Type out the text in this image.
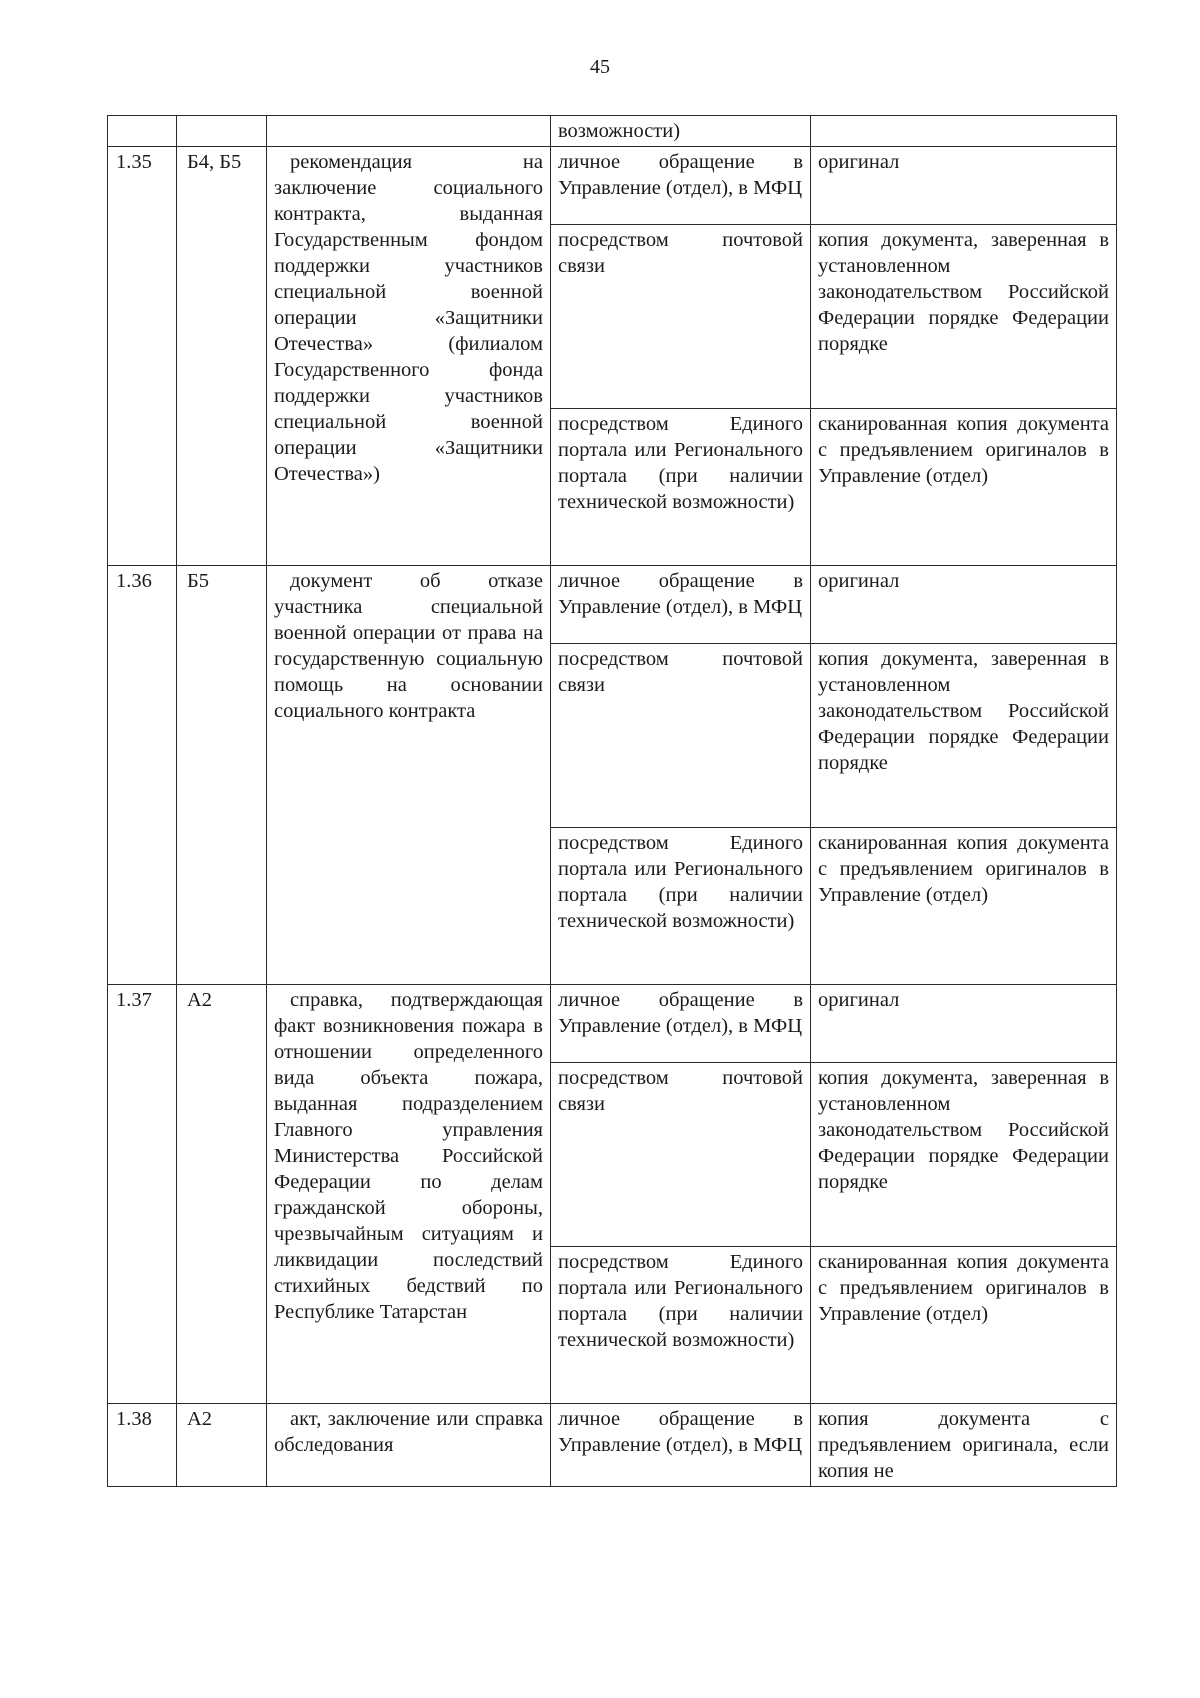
45
			возможности)	
1.35	Б4, Б5	рекомендация на заключение социального контракта, выданная Государственным фондом поддержки участников специальной военной операции «Защитники Отечества» (филиалом Государственного фонда поддержки участников специальной военной операции «Защитники Отечества»)	личное обращение в Управление (отдел), в МФЦ	оригинал
			посредством почтовой связи	копия документа, заверенная в установленном законодательством Российской Федерации порядке Федерации порядке
			посредством Единого портала или Регионального портала (при наличии технической возможности)	сканированная копия документа с предъявлением оригиналов в Управление (отдел)
1.36	Б5	документ об отказе участника специальной военной операции от права на государственную социальную помощь на основании социального контракта	личное обращение в Управление (отдел), в МФЦ	оригинал
			посредством почтовой связи	копия документа, заверенная в установленном законодательством Российской Федерации порядке Федерации порядке
			посредством Единого портала или Регионального портала (при наличии технической возможности)	сканированная копия документа с предъявлением оригиналов в Управление (отдел)
1.37	А2	справка, подтверждающая факт возникновения пожара в отношении определенного вида объекта пожара, выданная подразделением Главного управления Министерства Российской Федерации по делам гражданской обороны, чрезвычайным ситуациям и ликвидации последствий стихийных бедствий по Республике Татарстан	личное обращение в Управление (отдел), в МФЦ	оригинал
			посредством почтовой связи	копия документа, заверенная в установленном законодательством Российской Федерации порядке Федерации порядке
			посредством Единого портала или Регионального портала (при наличии технической возможности)	сканированная копия документа с предъявлением оригиналов в Управление (отдел)
1.38	А2	акт, заключение или справка обследования	личное обращение в Управление (отдел), в МФЦ	копия документа с предъявлением оригинала, если копия не
